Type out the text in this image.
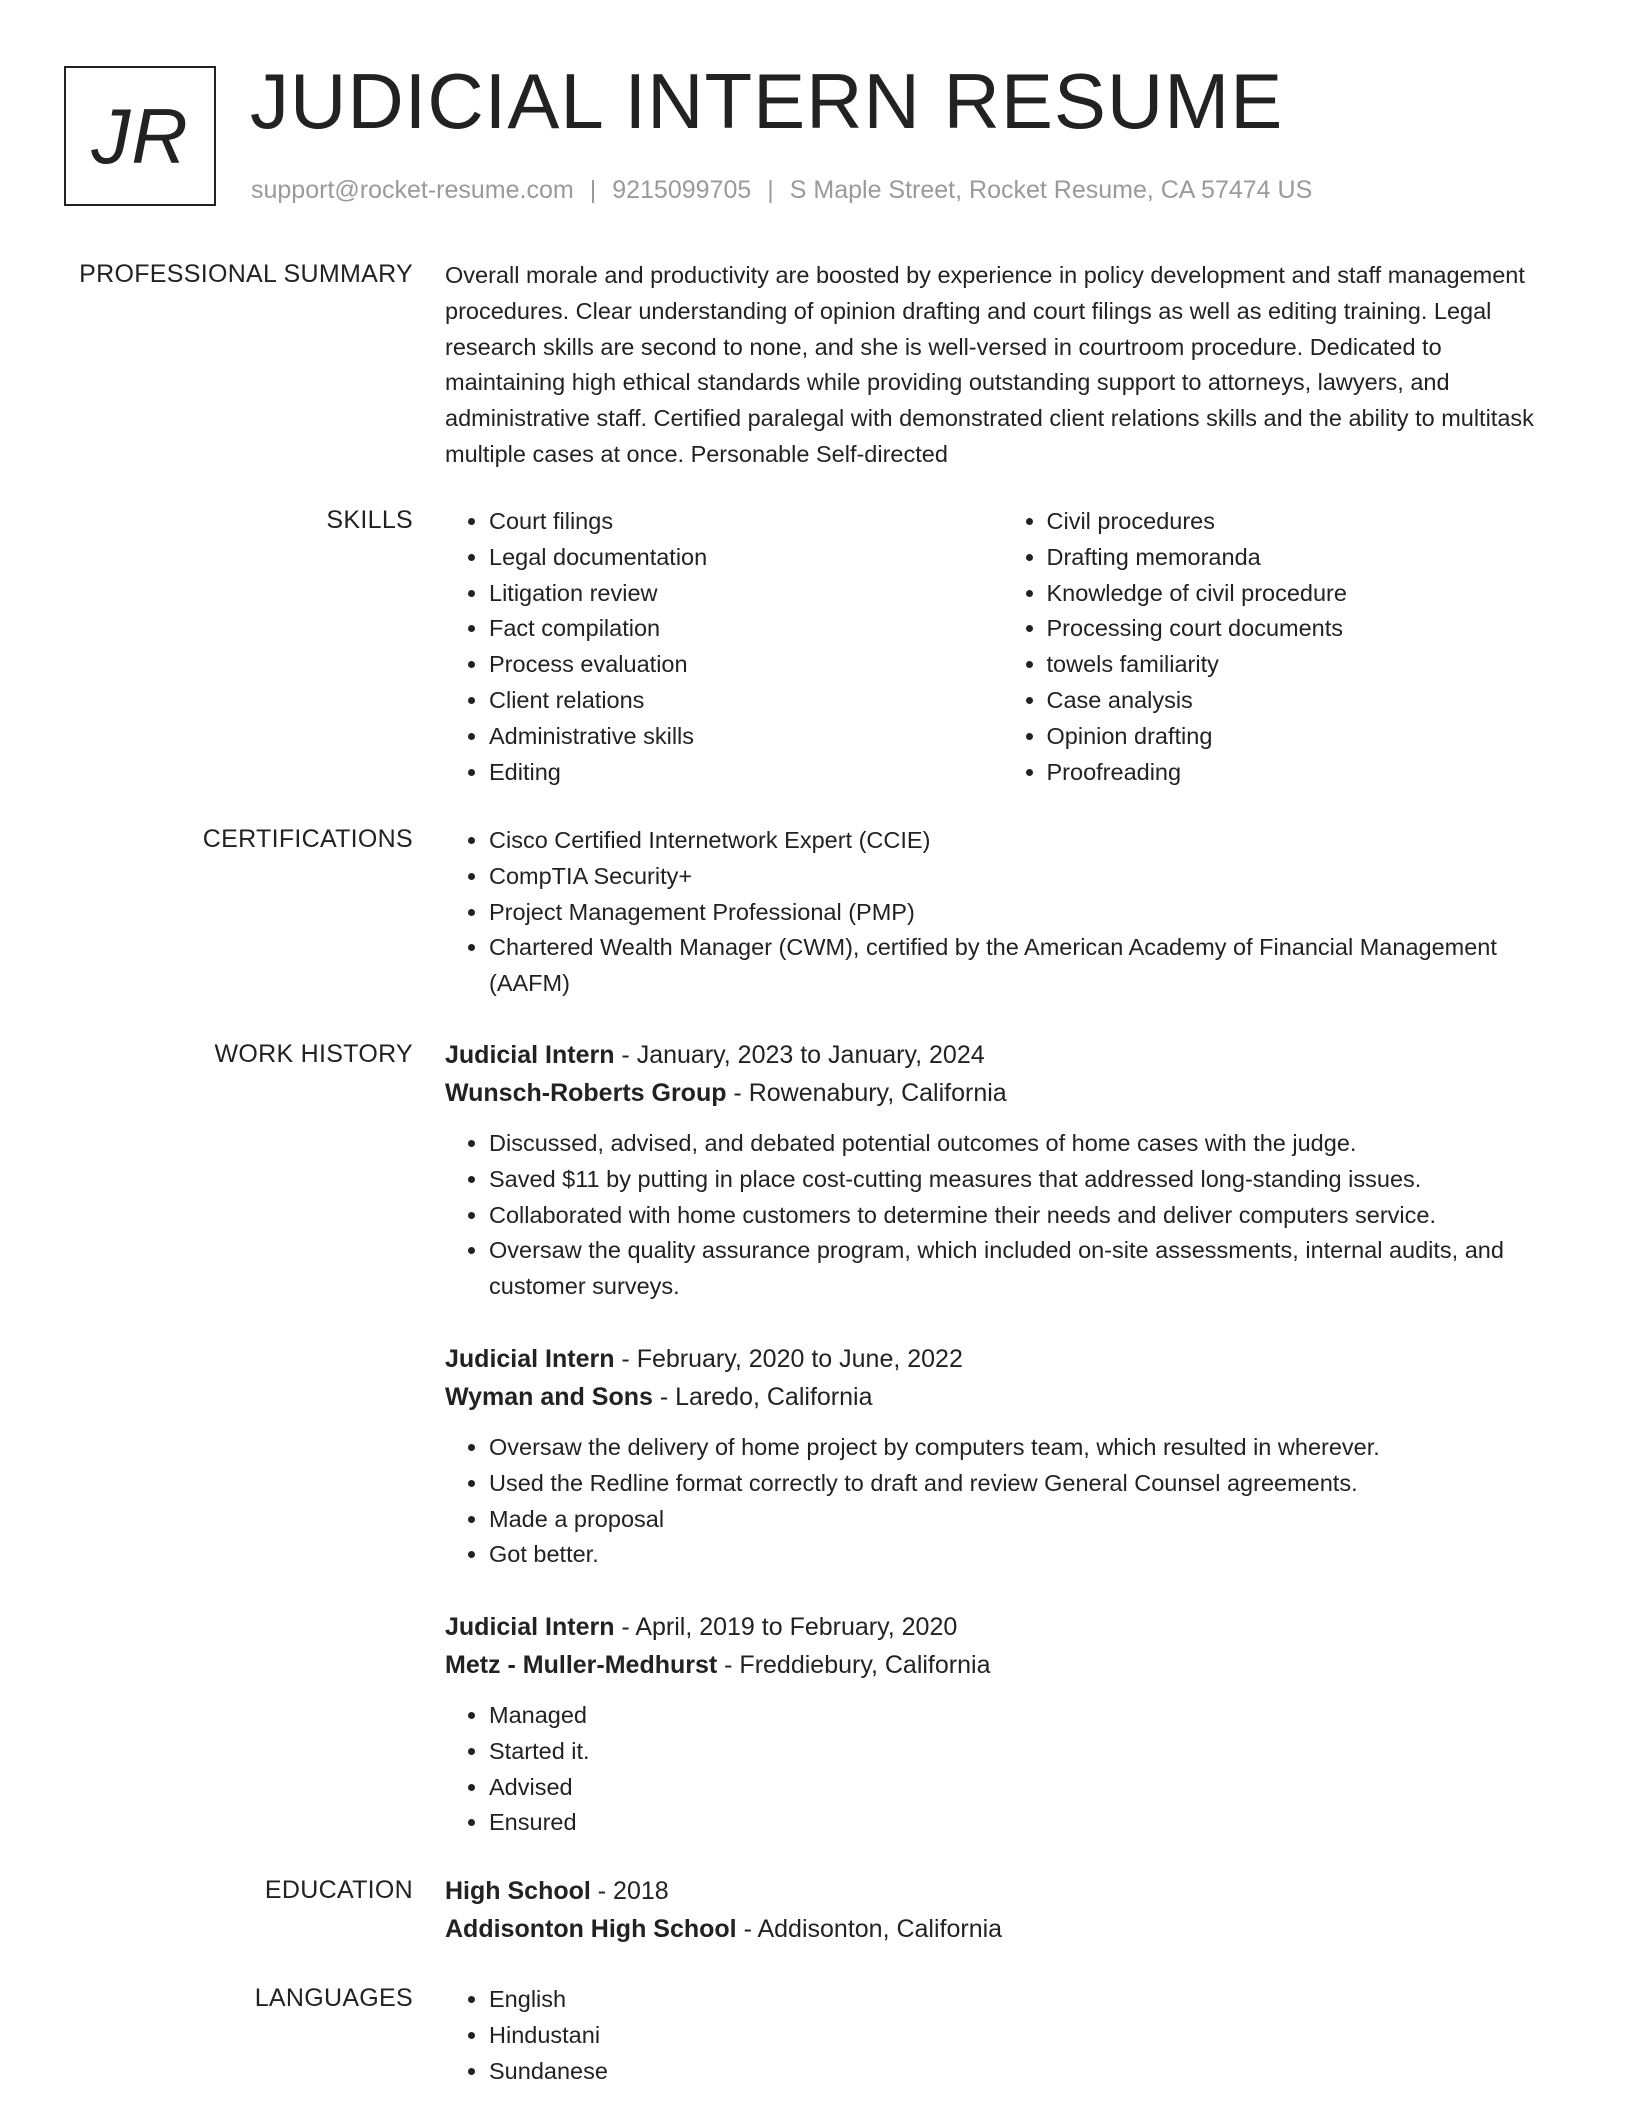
JR JUDICIAL INTERN RESUME
support@rocket-resume.com | 9215099705 | S Maple Street, Rocket Resume, CA 57474 US
PROFESSIONAL SUMMARY Overall morale and productivity are boosted by experience in policy development and staff management procedures. Clear understanding of opinion drafting and court filings as well as editing training. Legal research skills are second to none, and she is well-versed in courtroom procedure. Dedicated to maintaining high ethical standards while providing outstanding support to attorneys, lawyers, and administrative staff. Certified paralegal with demonstrated client relations skills and the ability to multitask multiple cases at once. Personable Self-directed
SKILLS	• Court filings
• Legal documentation
• Litigation review
• Fact compilation
• Process evaluation
• Client relations
• Administrative skills
• Editing
• Civil procedures
• Drafting memoranda
• Knowledge of civil procedure
• Processing court documents
• towels familiarity
• Case analysis
• Opinion drafting
• Proofreading
CERTIFICATIONS	• Cisco Certified Internetwork Expert (CCIE)
• CompTIA Security+
• Project Management Professional (PMP)
• Chartered Wealth Manager (CWM), certified by the American Academy of Financial Management (AAFM)
WORK HISTORY Judicial Intern - January, 2023 to January, 2024
Wunsch-Roberts Group - Rowenabury, California
• Discussed, advised, and debated potential outcomes of home cases with the judge.
• Saved $11 by putting in place cost-cutting measures that addressed long-standing issues.
• Collaborated with home customers to determine their needs and deliver computers service.
• Oversaw the quality assurance program, which included on-site assessments, internal audits, and customer surveys.
Judicial Intern - February, 2020 to June, 2022
Wyman and Sons - Laredo, California
• Oversaw the delivery of home project by computers team, which resulted in wherever.
• Used the Redline format correctly to draft and review General Counsel agreements.
• Made a proposal
• Got better.
Judicial Intern - April, 2019 to February, 2020
Metz - Muller-Medhurst - Freddiebury, California
• Managed
• Started it.
• Advised
• Ensured
EDUCATION High School - 2018
Addisonton High School - Addisonton, California
LANGUAGES	• English
• Hindustani
• Sundanese
